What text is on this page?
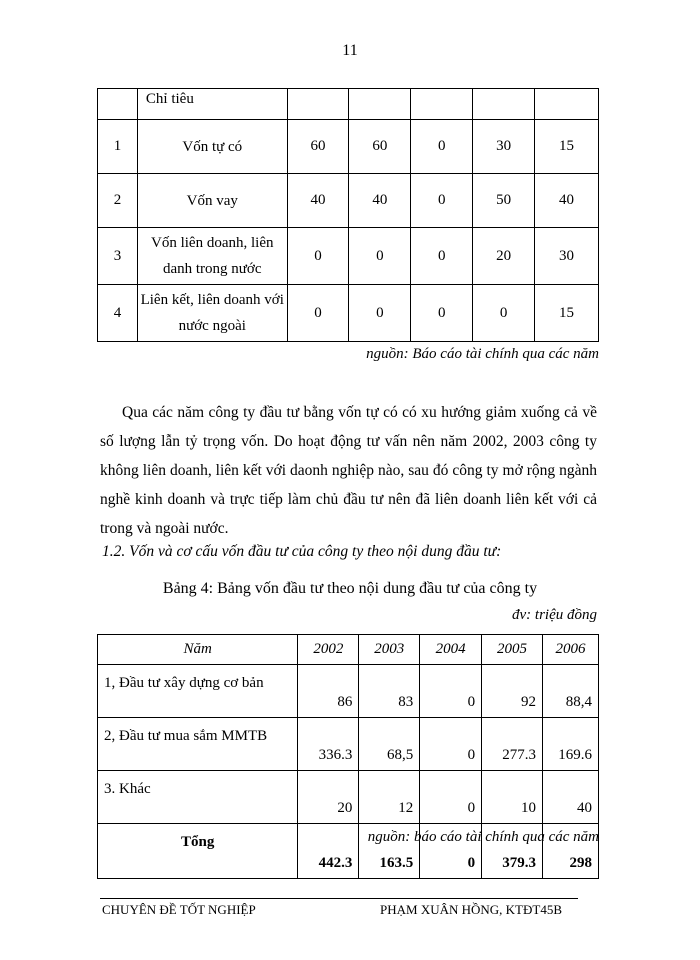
11
	Chỉ tiêu					
1	Vốn tự có	60	60	0	30	15
2	Vốn vay	40	40	0	50	40
3	Vốn liên doanh, liên danh trong nước	0	0	0	20	30
4	Liên kết, liên doanh với nước ngoài	0	0	0	0	15
nguồn: Báo cáo tài chính qua các năm
Qua các năm công ty đầu tư bằng vốn tự có có xu hướng giảm xuống cả về số lượng lẫn tỷ trọng vốn. Do hoạt động tư vấn nên năm 2002, 2003 công ty không liên doanh, liên kết với daonh nghiệp nào, sau đó công ty mở rộng ngành nghề kinh doanh và trực tiếp làm chủ đầu tư nên đã liên doanh liên kết với cả trong và ngoài nước.
1.2. Vốn và cơ cấu vốn đầu tư của công ty theo nội dung đầu tư:
Bảng 4: Bảng vốn đầu tư theo nội dung đầu tư của công ty
đv: triệu đồng
Năm	2002	2003	2004	2005	2006
1, Đầu tư xây dựng cơ bản	86	83	0	92	88,4
2, Đầu tư mua sắm MMTB	336.3	68,5	0	277.3	169.6
3. Khác	20	12	0	10	40
Tổng	442.3	163.5	0	379.3	298
nguồn: báo cáo tài chính qua các năm
CHUYÊN ĐỀ TỐT NGHIỆP	PHẠM XUÂN HỒNG, KTĐT45B
